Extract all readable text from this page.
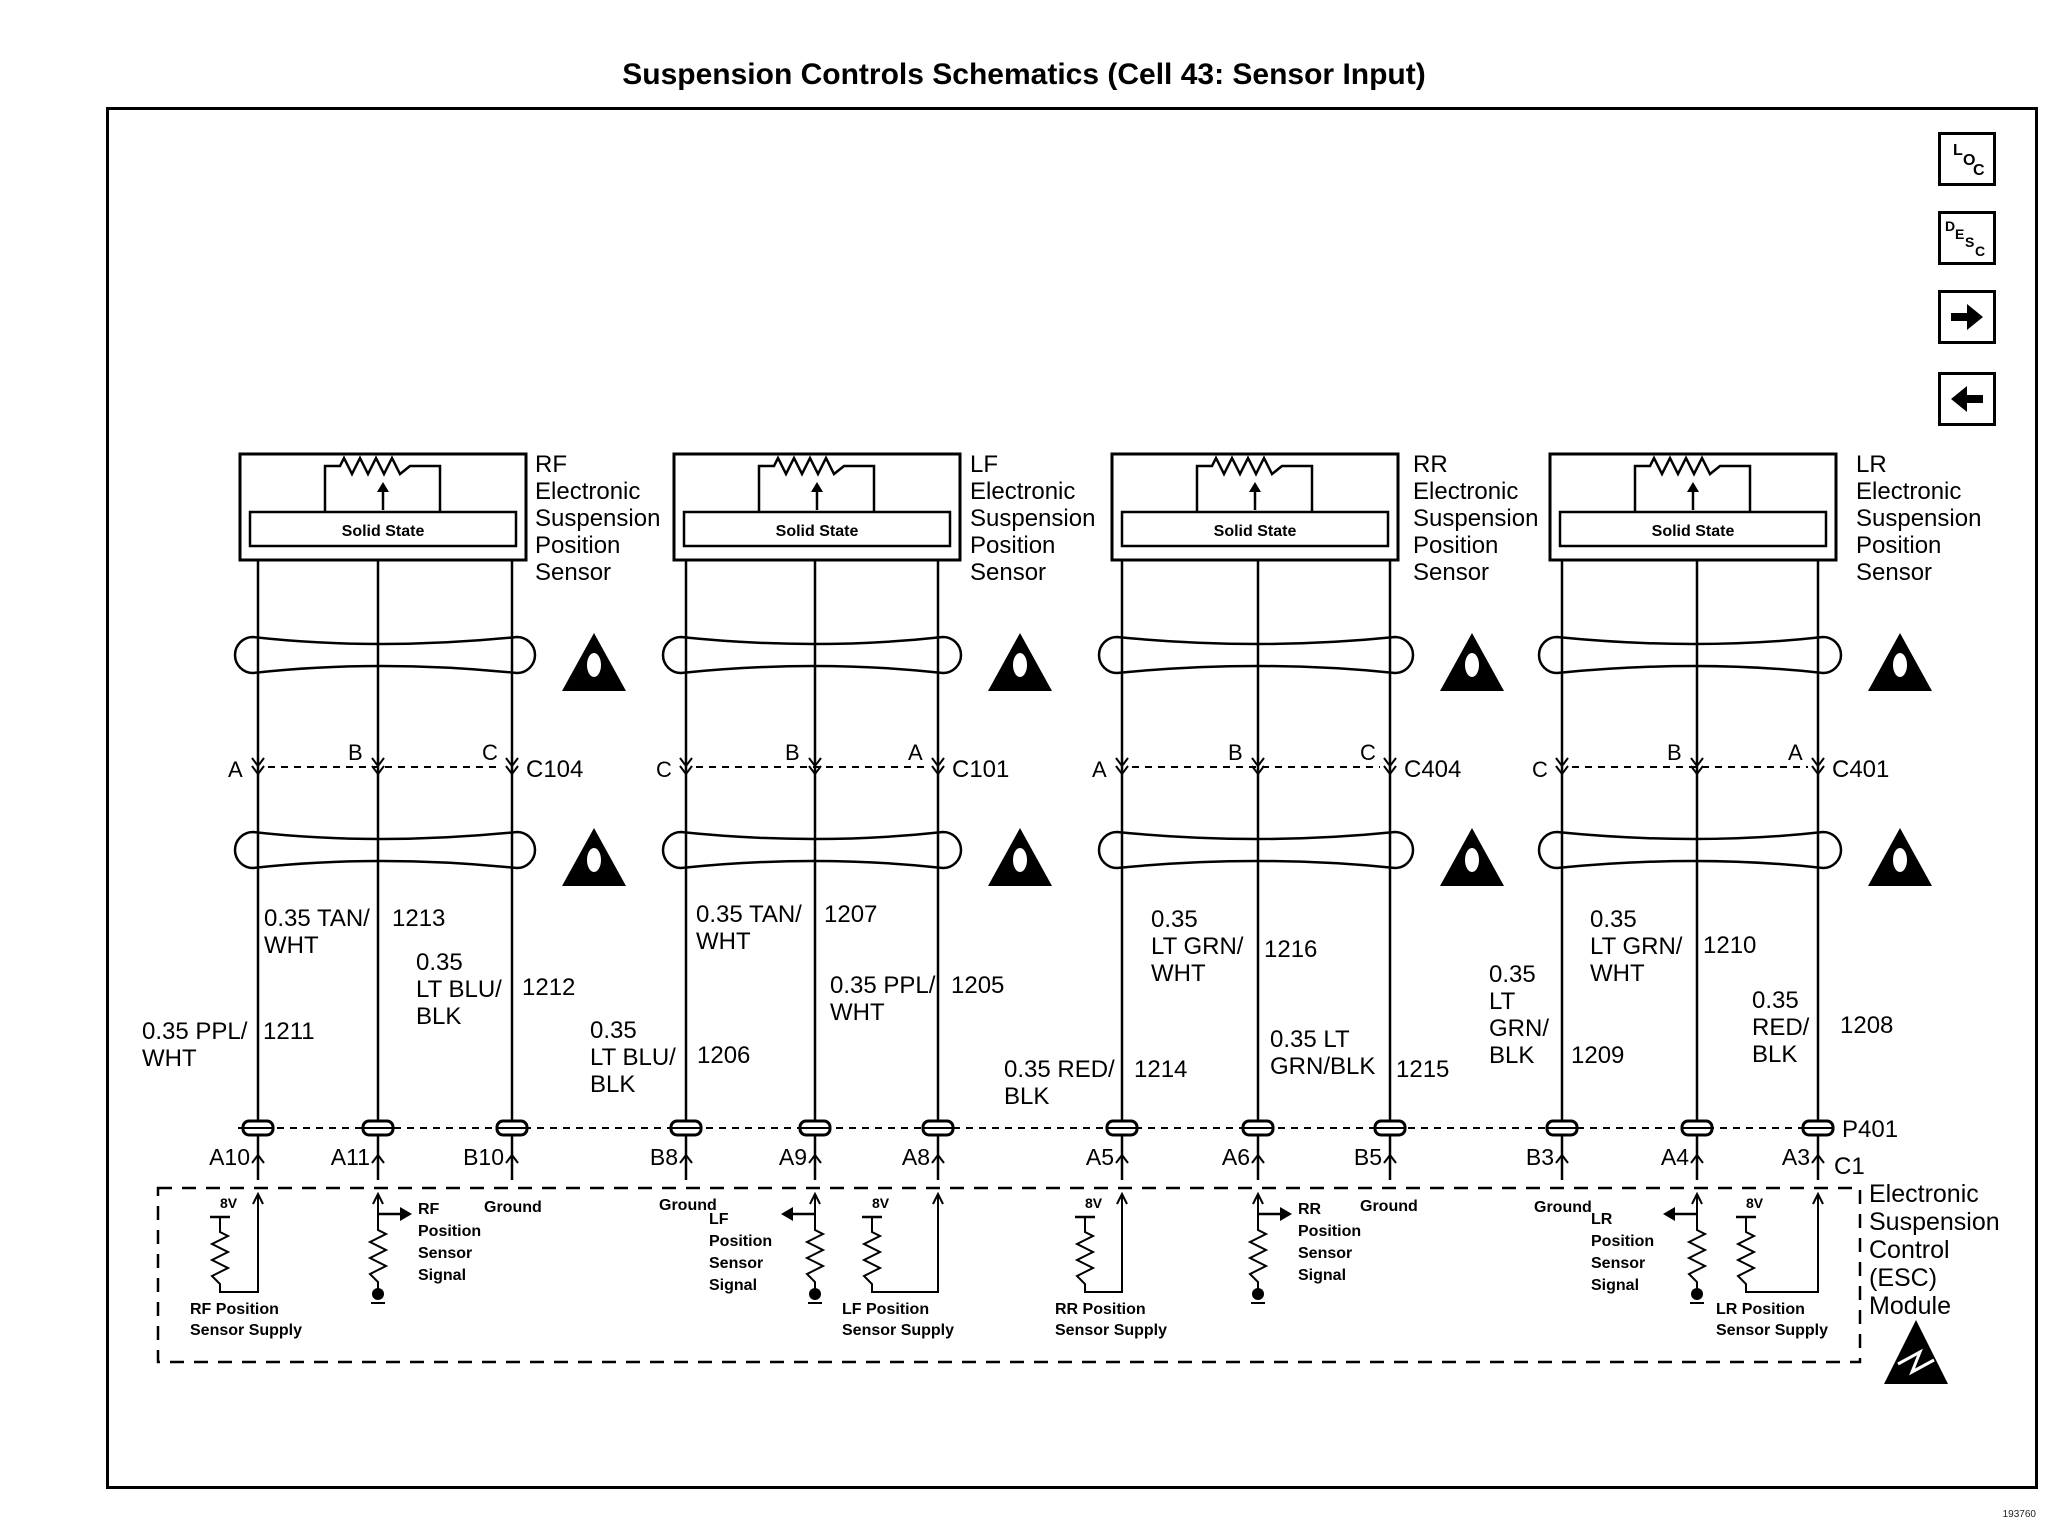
Suspension Controls Schematics (Cell 43: Sensor Input)
Solid State
RF
Electronic
Suspension
Position
Sensor
A
B	C
C104
0.35 PPL/
WHT
1211
0.35 TAN/
WHT
1213
0.35
LT BLU/
BLK
1212
A10	A11	B10
8V
RF Position
Sensor Supply
RF
Position
Sensor
Signal
Ground
Solid State
LF
Electronic
Suspension
Position
Sensor
C
B	A
C101
0.35
LT BLU/
BLK
1206
0.35 TAN/
WHT
1207
0.35 PPL/
WHT
1205
B8	A9	A8
8V
LF Position
Sensor Supply
LF
Position
Sensor
Signal
Ground
Solid State
RR
Electronic
Suspension
Position
Sensor
A
B	C
C404
0.35 RED/
BLK
1214
0.35
LT GRN/
WHT
1216
0.35 LT
GRN/BLK 1215
A5	A6	B5
8V
RR Position
Sensor Supply
RR
Position
Sensor
Signal
Ground
Solid State
LR
Electronic
Suspension
Position
Sensor
C
B	A
C401
0.35
LT
GRN/
BLK 1209
0.35
LT GRN/
WHT
1210
0.35
RED/
BLK
1208
B3	A4	A3
8V
LR Position
Sensor Supply
LR
Position
Sensor
Signal
Ground
P401
C1
Electronic
Suspension
Control
(ESC)
Module
L
O
C
D E S
C
193760
